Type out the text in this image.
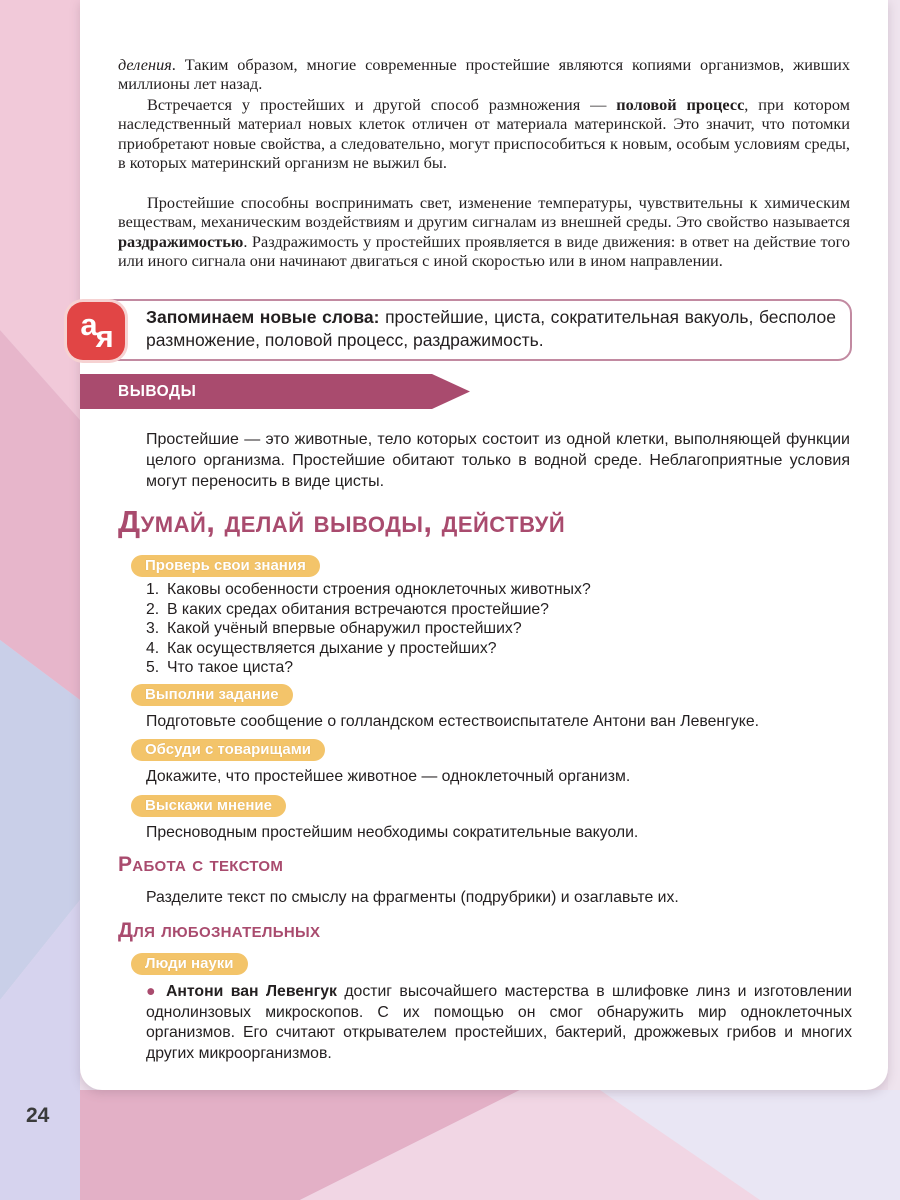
деления. Таким образом, многие современные простейшие являются копиями организмов, живших миллионы лет назад.

Встречается у простейших и другой способ размножения — половой процесс, при котором наследственный материал новых клеток отличен от материала материнской. Это значит, что потомки приобретают новые свойства, а следовательно, могут приспособиться к новым, особым условиям среды, в которых материнский организм не выжил бы.

Простейшие способны воспринимать свет, изменение температуры, чувствительны к химическим веществам, механическим воздействиям и другим сигналам из внешней среды. Это свойство называется раздражимостью. Раздражимость у простейших проявляется в виде движения: в ответ на действие того или иного сигнала они начинают двигаться с иной скоростью или в ином направлении.

а я

Запоминаем новые слова: простейшие, циста, сократительная вакуоль, бесполое размножение, половой процесс, раздражимость.

ВЫВОДЫ

Простейшие — это животные, тело которых состоит из одной клетки, выполняющей функции целого организма. Простейшие обитают только в водной среде. Неблагоприятные условия могут переносить в виде цисты.

Думай, делай выводы, действуй
Проверь свои знания
1. Каковы особенности строения одноклеточных животных?
2. В каких средах обитания встречаются простейшие?
3. Какой учёный впервые обнаружил простейших?
4. Как осуществляется дыхание у простейших?
5. Что такое циста?
Выполни задание

Подготовьте сообщение о голландском естествоиспытателе Антони ван Левенгуке.

Обсуди с товарищами

Докажите, что простейшее животное — одноклеточный организм.

Выскажи мнение

Пресноводным простейшим необходимы сократительные вакуоли.

Работа с текстом

Разделите текст по смыслу на фрагменты (подрубрики) и озаглавьте их.

Для любознательных
Люди науки

● Антони ван Левенгук достиг высочайшего мастерства в шлифовке линз и изготовлении однолинзовых микроскопов. С их помощью он смог обнаружить мир одноклеточных организмов. Его считают открывателем простейших, бактерий, дрожжевых грибов и многих других микроорганизмов.

24
